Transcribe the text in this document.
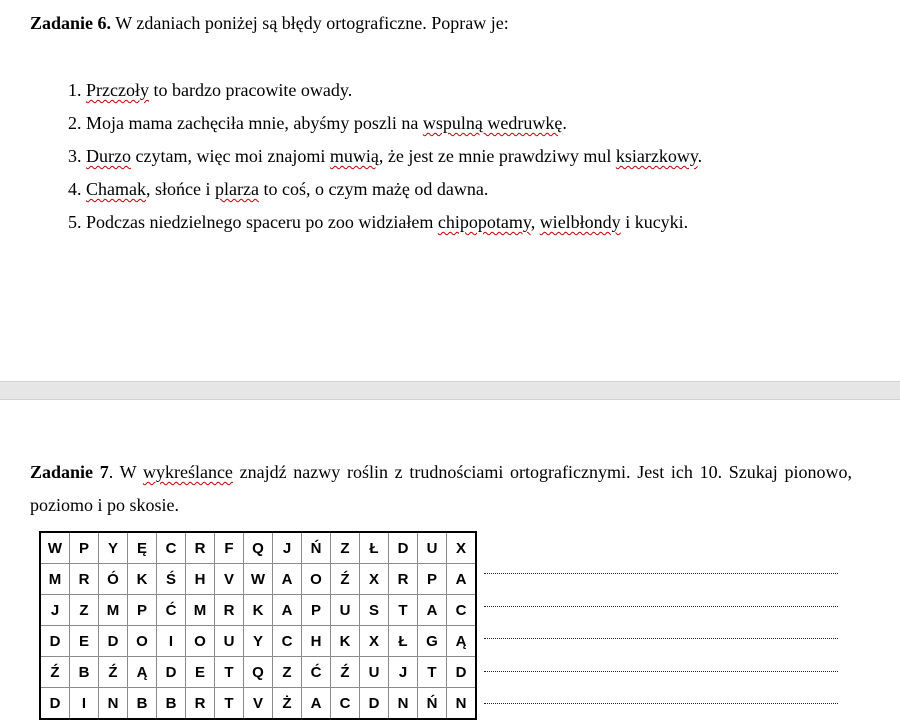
Zadanie 6. W zdaniach poniżej są błędy ortograficzne. Popraw je:
1. Przczoły to bardzo pracowite owady.
2. Moja mama zachęciła mnie, abyśmy poszli na wspulną wedruwkę.
3. Durzo czytam, więc moi znajomi muwią, że jest ze mnie prawdziwy mul ksiarzkowy.
4. Chamak, słońce i plarza to coś, o czym mażę od dawna.
5. Podczas niedzielnego spaceru po zoo widziałem chipopotamy, wielbłondy i kucyki.
Zadanie 7. W wykreślance znajdź nazwy roślin z trudnościami ortograficznymi. Jest ich 10. Szukaj pionowo, poziomo i po skosie.
W	P	Y	Ę	C	R	F	Q	J	Ń	Z	Ł	D	U	X
M	R	Ó	K	Ś	H	V	W	A	O	Ź	X	R	P	A
J	Z	M	P	Ć	M	R	K	A	P	U	S	T	A	C
D	E	D	O	I	O	U	Y	C	H	K	X	Ł	G	Ą
Ź	B	Ź	Ą	D	E	T	Q	Z	Ć	Ź	U	J	T	D
D	I	N	B	B	R	T	V	Ż	A	C	D	N	Ń	N
